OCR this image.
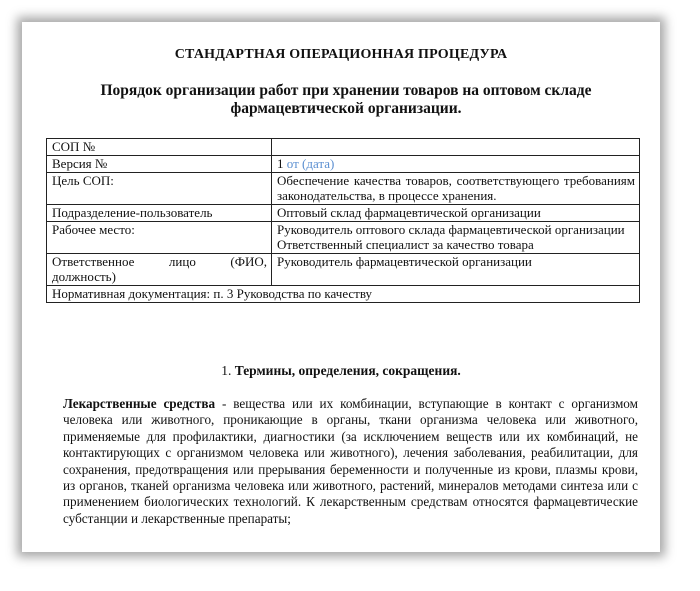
СТАНДАРТНАЯ ОПЕРАЦИОННАЯ ПРОЦЕДУРА
Порядок организации работ при хранении товаров на оптовом складе фармацевтической организации.
СОП №	
Версия №	1 от (дата)
Цель СОП:	Обеспечение качества товаров, соответствующего требованиям законодательства, в процессе хранения.
Подразделение-пользователь	Оптовый склад фармацевтической организации
Рабочее место:	Руководитель оптового склада фармацевтической организации
Ответственный специалист за качество товара

Ответственное лицо (ФИО, должность)	Руководитель фармацевтической организации
Нормативная документация: п. 3 Руководства по качеству	
1. Термины, определения, сокращения.
Лекарственные средства - вещества или их комбинации, вступающие в контакт с организмом человека или животного, проникающие в органы, ткани организма человека или животного, применяемые для профилактики, диагностики (за исключением веществ или их комбинаций, не контактирующих с организмом человека или животного), лечения заболевания, реабилитации, для сохранения, предотвращения или прерывания беременности и полученные из крови, плазмы крови, из органов, тканей организма человека или животного, растений, минералов методами синтеза или с применением биологических технологий. К лекарственным средствам относятся фармацевтические субстанции и лекарственные препараты;
